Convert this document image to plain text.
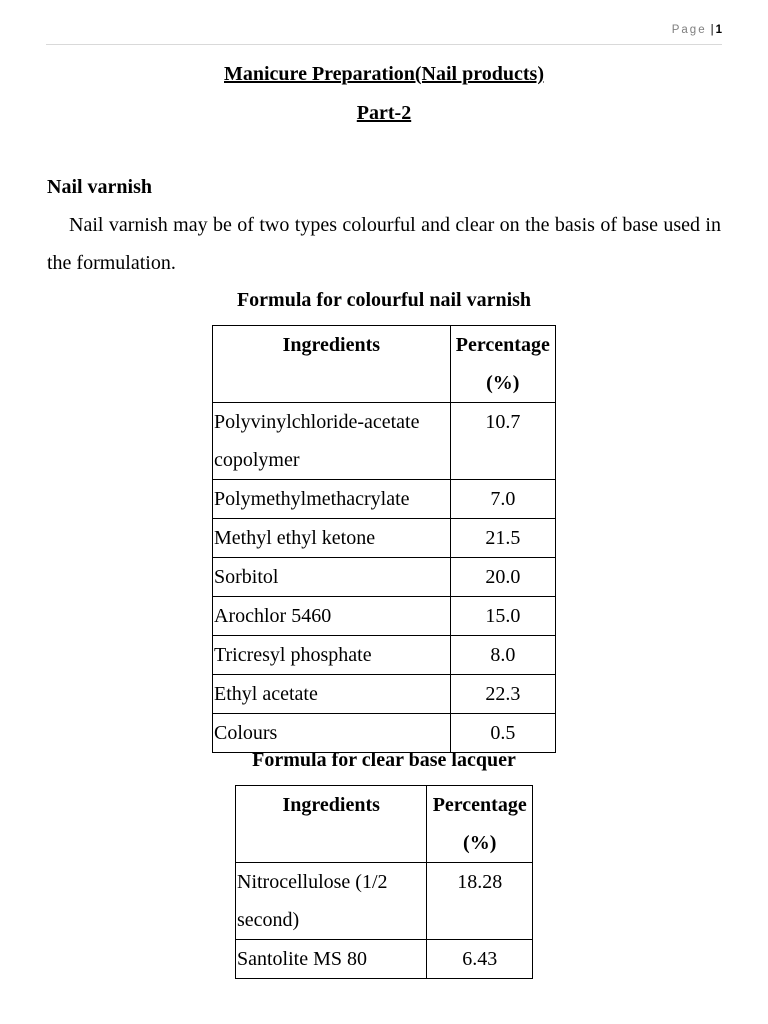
Page | 1
Manicure Preparation(Nail products)
Part-2
Nail varnish

Nail varnish may be of two types colourful and clear on the basis of base used in the formulation.

Formula for colourful nail varnish
Ingredients	Percentage (%)

Polyvinylchloride-acetate copolymer	10.7
Polymethylmethacrylate	7.0
Methyl ethyl ketone	21.5
Sorbitol	20.0
Arochlor 5460	15.0
Tricresyl phosphate	8.0
Ethyl acetate	22.3
Colours	0.5
Formula for clear base lacquer
Ingredients	Percentage (%)

Nitrocellulose (1/2 second)	18.28
Santolite MS 80	6.43
